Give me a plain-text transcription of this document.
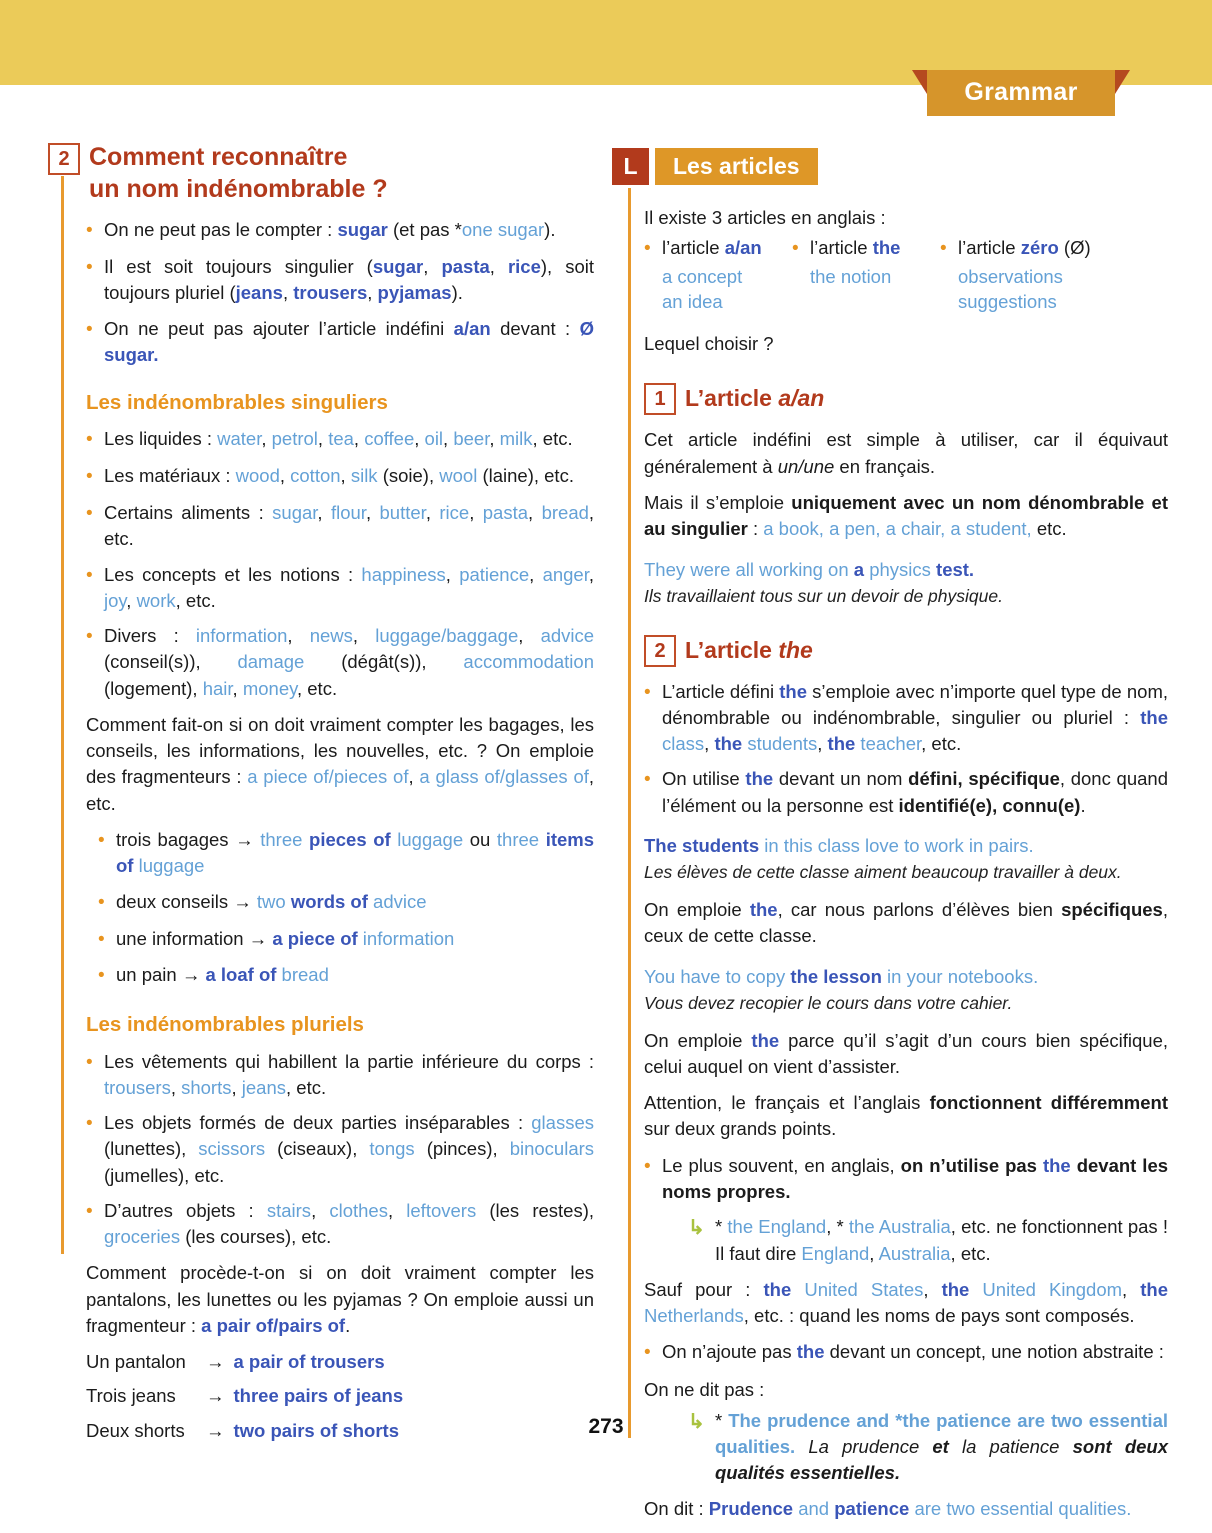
Grammar
2 Comment reconnaître
un nom indénombrable ?
• On ne peut pas le compter : sugar (et pas *one sugar).
• Il est soit toujours singulier (sugar, pasta, rice), soit toujours pluriel (jeans, trousers, pyjamas).
• On ne peut pas ajouter l’article indéfini a/an devant : Ø sugar.
Les indénombrables singuliers
• Les liquides : water, petrol, tea, coffee, oil, beer, milk, etc.
• Les matériaux : wood, cotton, silk (soie), wool (laine), etc.
• Certains aliments : sugar, flour, butter, rice, pasta, bread, etc.
• Les concepts et les notions : happiness, patience, anger, joy, work, etc.
• Divers : information, news, luggage/baggage, advice (conseil(s)), damage (dégât(s)), accommodation (logement), hair, money, etc.

Comment fait-on si on doit vraiment compter les bagages, les conseils, les informations, les nouvelles, etc. ? On emploie des fragmenteurs : a piece of/pieces of, a glass of/glasses of, etc.

• trois bagages → three pieces of luggage ou three items of luggage
• deux conseils → two words of advice
• une information → a piece of information
• un pain → a loaf of bread
Les indénombrables pluriels
• Les vêtements qui habillent la partie inférieure du corps : trousers, shorts, jeans, etc.
• Les objets formés de deux parties inséparables : glasses (lunettes), scissors (ciseaux), tongs (pinces), binoculars (jumelles), etc.
• D’autres objets : stairs, clothes, leftovers (les restes), groceries (les courses), etc.

Comment procède-t-on si on doit vraiment compter les pantalons, les lunettes ou les pyjamas ? On emploie aussi un fragmenteur : a pair of/pairs of.

Un pantalon	→ a pair of trousers
Trois jeans	→ three pairs of jeans
Deux shorts	→ two pairs of shorts
L	Les articles

Il existe 3 articles en anglais :

• l’article a/an
a concept
an idea
• l’article the
the notion
• l’article zéro (Ø)
observations
suggestions

Lequel choisir ?

1 L’article a/an

Cet article indéfini est simple à utiliser, car il équivaut généralement à un/une en français.

Mais il s’emploie uniquement avec un nom dénombrable et au singulier : a book, a pen, a chair, a student, etc.

They were all working on a physics test.

Ils travaillaient tous sur un devoir de physique.

2 L’article the
• L’article défini the s’emploie avec n’importe quel type de nom, dénombrable ou indénombrable, singulier ou pluriel : the class, the students, the teacher, etc.
• On utilise the devant un nom défini, spécifique, donc quand l’élément ou la personne est identifié(e), connu(e).

The students in this class love to work in pairs.

Les élèves de cette classe aiment beaucoup travailler à deux.

On emploie the, car nous parlons d’élèves bien spécifiques, ceux de cette classe.

You have to copy the lesson in your notebooks.

Vous devez recopier le cours dans votre cahier.

On emploie the parce qu’il s’agit d’un cours bien spécifique, celui auquel on vient d’assister.

Attention, le français et l’anglais fonctionnent différemment sur deux grands points.

• Le plus souvent, en anglais, on n’utilise pas the devant les noms propres.
↳ * the England, * the Australia, etc. ne fonctionnent pas ! Il faut dire England, Australia, etc.

Sauf pour : the United States, the United Kingdom, the Netherlands, etc. : quand les noms de pays sont composés.

• On n’ajoute pas the devant un concept, une notion abstraite :

On ne dit pas :

↳ * The prudence and *the patience are two essential qualities. La prudence et la patience sont deux qualités essentielles.

On dit : Prudence and patience are two essential qualities.

273
